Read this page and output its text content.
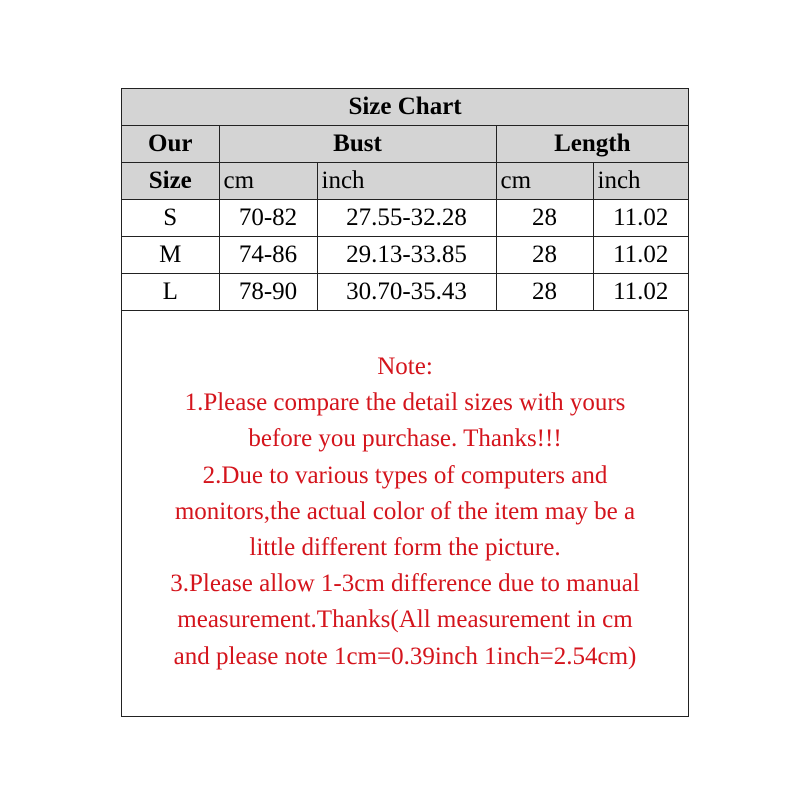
Size Chart				
Our	Bust		Length	
Size	cm	inch	cm	inch
S	70-82	27.55-32.28	28	11.02
M	74-86	29.13-33.85	28	11.02
L	78-90	30.70-35.43	28	11.02
Note:
1.Please compare the detail sizes with yours
before you purchase. Thanks!!!
2.Due to various types of computers and
monitors,the actual color of the item may be a
little different form the picture.
3.Please allow 1-3cm difference due to manual
measurement.Thanks(All measurement in cm
and please note 1cm=0.39inch 1inch=2.54cm)
